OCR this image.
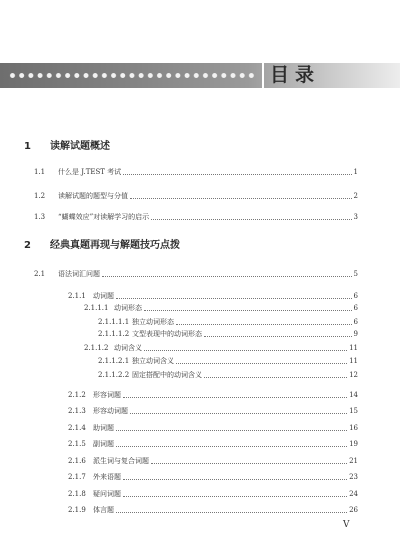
目录
1 读解试题概述
1.1	什么是 J.TEST 考试	1
1.2	读解试题的题型与分值	2
1.3	“蝴蝶效应”对读解学习的启示	3
2 经典真题再现与解题技巧点拨
2.1	语法词汇问题	5
2.1.1	动词题	6
2.1.1.1 动词形态	6
2.1.1.1.1 独立动词形态	6
2.1.1.1.2 文型表现中的动词形态	9
2.1.1.2 动词含义	11
2.1.1.2.1 独立动词含义	11
2.1.1.2.2 固定搭配中的动词含义	12
2.1.2	形容词题	14
2.1.3	形容动词题	15
2.1.4	助词题	16
2.1.5	副词题	19
2.1.6	派生词与复合词题	21
2.1.7	外来语题	23
2.1.8	疑问词题	24
2.1.9	体言题	26
V
